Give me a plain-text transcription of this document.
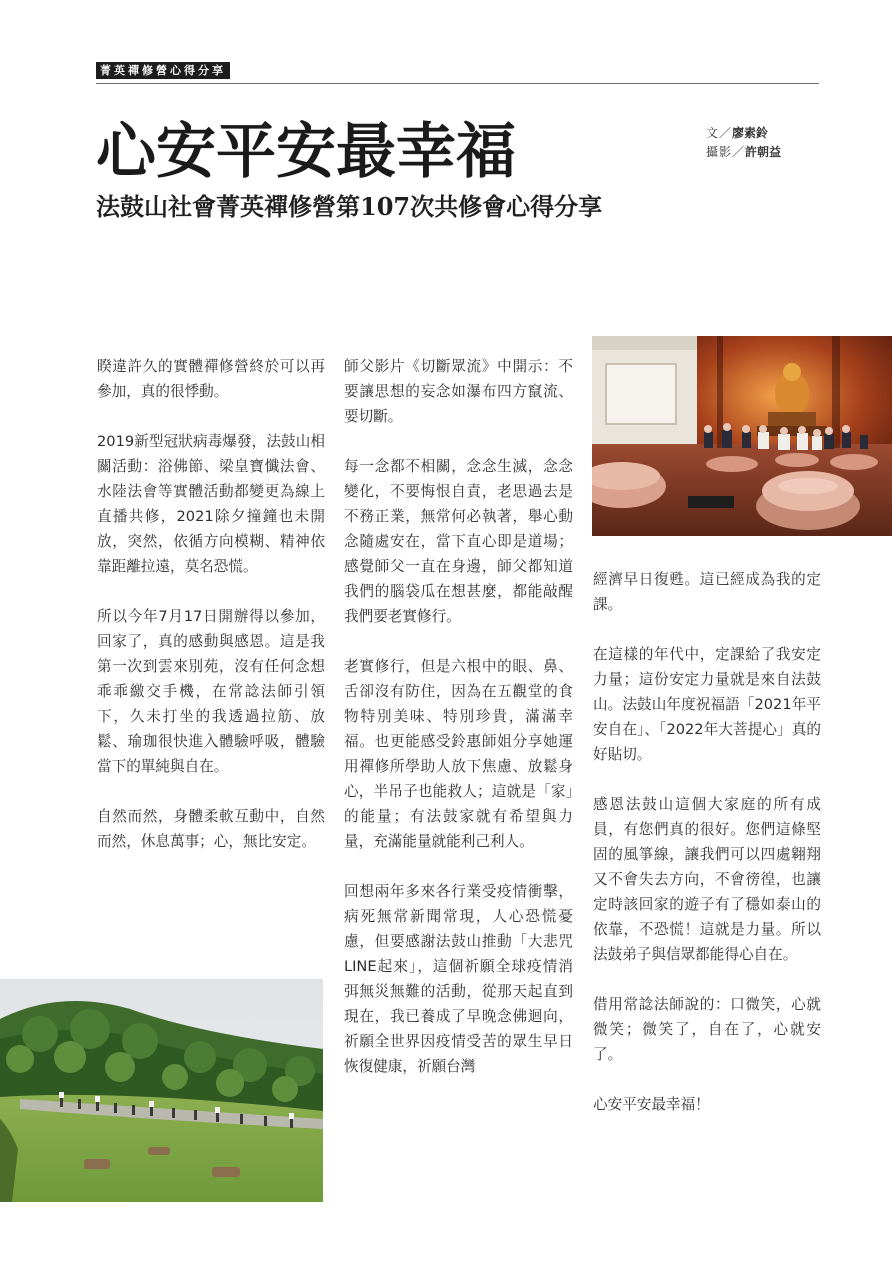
菁英禪修營心得分享
心安平安最幸福
法鼓山社會菁英禪修營第107次共修會心得分享
文／廖素鈴
攝影／許朝益

睽違許久的實體禪修營終於可以再參加，真的很悸動。

2019新型冠狀病毒爆發，法鼓山相關活動：浴佛節、梁皇寶懺法會、水陸法會等實體活動都變更為線上直播共修，2021除夕撞鐘也未開放，突然，依循方向模糊、精神依靠距離拉遠，莫名恐慌。

所以今年7月17日開辦得以參加，回家了，真的感動與感恩。這是我第一次到雲來別苑，沒有任何念想乖乖繳交手機，在常諗法師引領下，久未打坐的我透過拉筋、放鬆、瑜珈很快進入體驗呼吸，體驗當下的單純與自在。

自然而然，身體柔軟互動中，自然而然，休息萬事；心，無比安定。

師父影片《切斷眾流》中開示：不要讓思想的妄念如瀑布四方竄流、要切斷。

每一念都不相關，念念生滅，念念變化，不要悔恨自責，老思過去是不務正業，無常何必執著，舉心動念隨處安在，當下直心即是道場；感覺師父一直在身邊，師父都知道我們的腦袋瓜在想甚麼，都能敲醒我們要老實修行。

老實修行，但是六根中的眼、鼻、舌卻沒有防住，因為在五觀堂的食物特別美味、特別珍貴，滿滿幸福。也更能感受鈴惠師姐分享她運用禪修所學助人放下焦慮、放鬆身心，半吊子也能救人；這就是「家」的能量；有法鼓家就有希望與力量，充滿能量就能利己利人。

回想兩年多來各行業受疫情衝擊，病死無常新聞常現，人心恐慌憂慮，但要感謝法鼓山推動「大悲咒LINE起來」，這個祈願全球疫情消弭無災無難的活動，從那天起直到現在，我已養成了早晚念佛迴向，祈願全世界因疫情受苦的眾生早日恢復健康，祈願台灣

經濟早日復甦。這已經成為我的定課。

在這樣的年代中，定課給了我安定力量；這份安定力量就是來自法鼓山。法鼓山年度祝福語「2021年平安自在」、「2022年大菩提心」真的好貼切。

感恩法鼓山這個大家庭的所有成員，有您們真的很好。您們這條堅固的風箏線，讓我們可以四處翱翔又不會失去方向，不會徬徨，也讓定時該回家的遊子有了穩如泰山的依靠，不恐慌！這就是力量。所以法鼓弟子與信眾都能得心自在。

借用常諗法師說的：口微笑，心就微笑；微笑了，自在了，心就安了。

心安平安最幸福！
